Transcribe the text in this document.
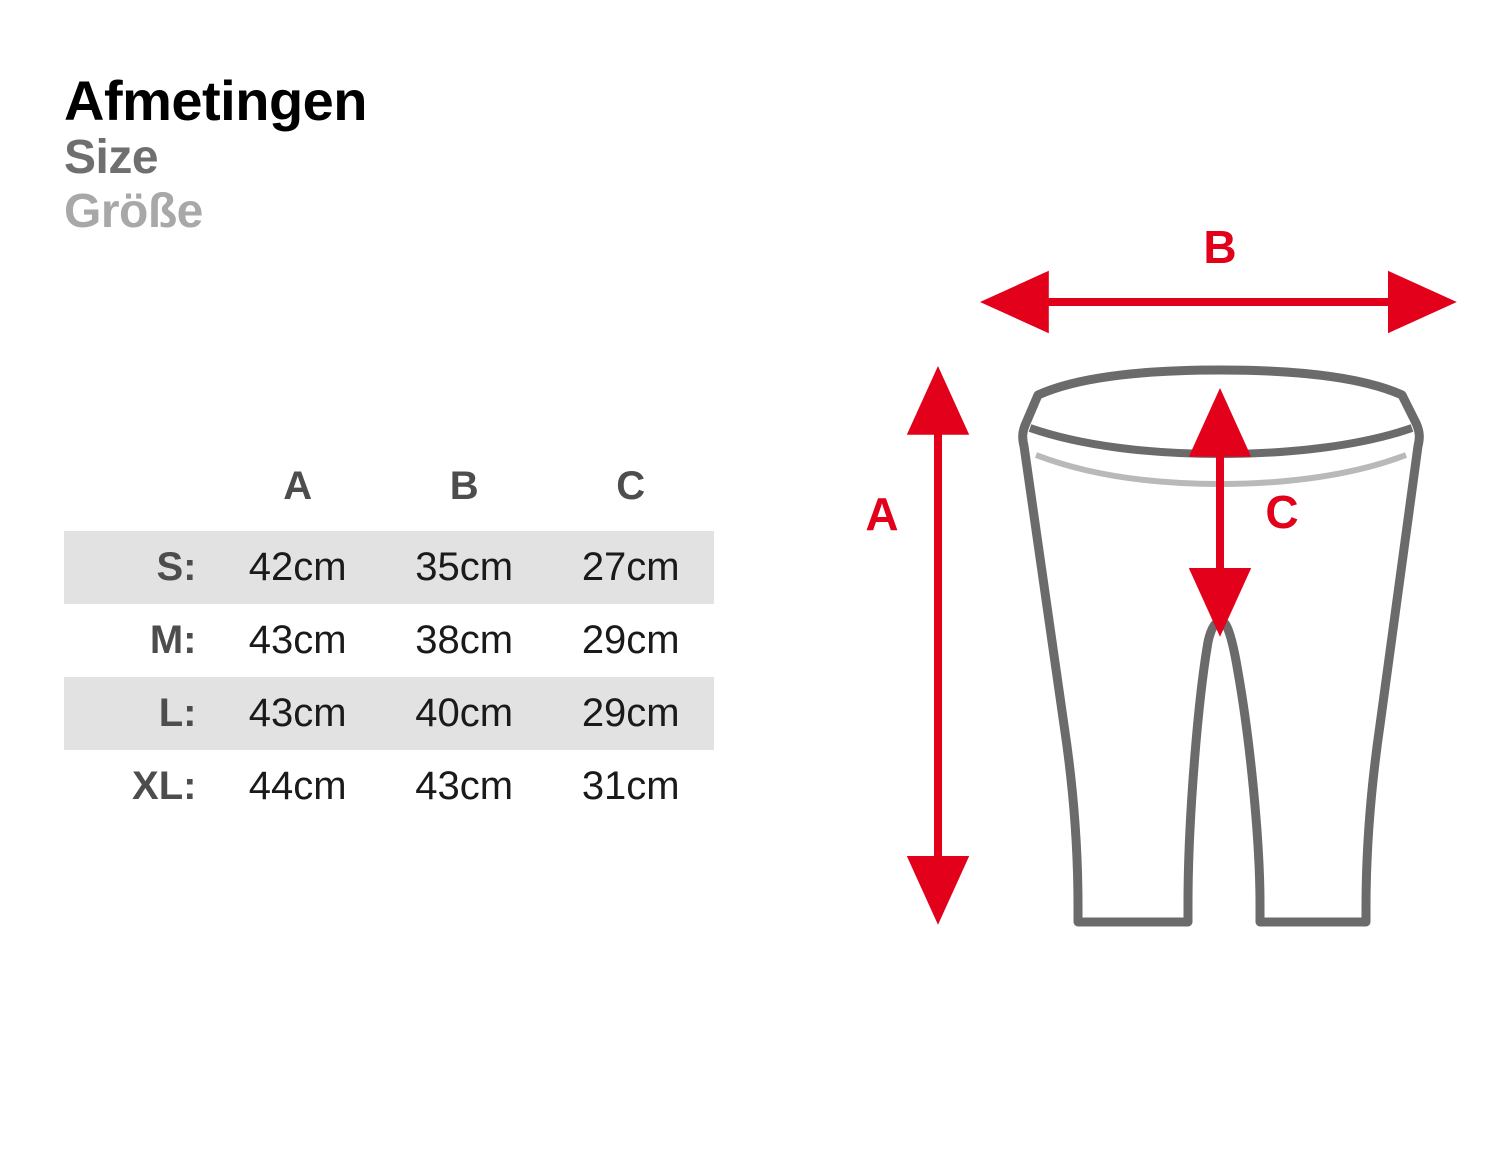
Afmetingen
Size
Größe
	A	B	C
S:	42cm	35cm	27cm
M:	43cm	38cm	29cm
L:	43cm	40cm	29cm
XL:	44cm	43cm	31cm
B
A	C
